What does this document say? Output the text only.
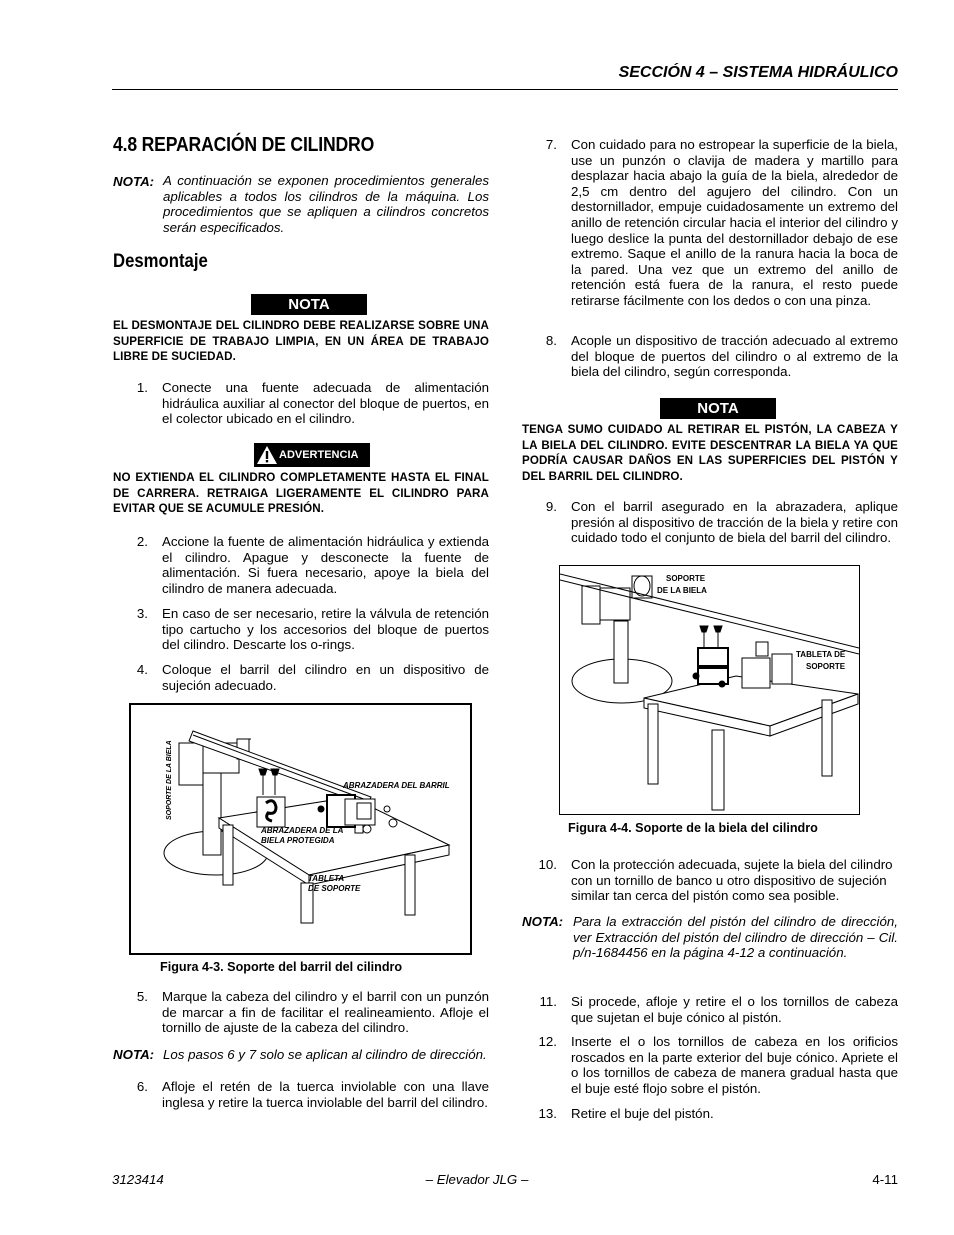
SECCIÓN 4 – SISTEMA HIDRÁULICO
4.8 REPARACIÓN DE CILINDRO
NOTA: A continuación se exponen procedimientos generales aplicables a todos los cilindros de la máquina. Los procedimientos que se apliquen a cilindros concretos serán especificados.
Desmontaje
NOTA
EL DESMONTAJE DEL CILINDRO DEBE REALIZARSE SOBRE UNA SUPERFICIE DE TRABAJO LIMPIA, EN UN ÁREA DE TRABAJO LIBRE DE SUCIEDAD.
1. Conecte una fuente adecuada de alimentación hidráulica auxiliar al conector del bloque de puertos, en el colector ubicado en el cilindro.
ADVERTENCIA
NO EXTIENDA EL CILINDRO COMPLETAMENTE HASTA EL FINAL DE CARRERA. RETRAIGA LIGERAMENTE EL CILINDRO PARA EVITAR QUE SE ACUMULE PRESIÓN.
2. Accione la fuente de alimentación hidráulica y extienda el cilindro. Apague y desconecte la fuente de alimentación. Si fuera necesario, apoye la biela del cilindro de manera adecuada.
3. En caso de ser necesario, retire la válvula de retención tipo cartucho y los accesorios del bloque de puertos del cilindro. Descarte los o-rings.
4. Coloque el barril del cilindro en un dispositivo de sujeción adecuado.
ABRAZADERA DEL BARRIL
ABRAZADERA DE LA
BIELA PROTEGIDA
TABLETA
DE SOPORTE
SOPORTE DE LA BIELA
Figura 4-3. Soporte del barril del cilindro
5. Marque la cabeza del cilindro y el barril con un punzón de marcar a fin de facilitar el realineamiento. Afloje el tornillo de ajuste de la cabeza del cilindro.
NOTA: Los pasos 6 y 7 solo se aplican al cilindro de dirección.
6. Afloje el retén de la tuerca inviolable con una llave inglesa y retire la tuerca inviolable del barril del cilindro.
7. Con cuidado para no estropear la superficie de la biela, use un punzón o clavija de madera y martillo para desplazar hacia abajo la guía de la biela, alrededor de 2,5 cm dentro del agujero del cilindro. Con un destornillador, empuje cuidadosamente un extremo del anillo de retención circular hacia el interior del cilindro y luego deslice la punta del destornillador debajo de ese extremo. Saque el anillo de la ranura hacia la boca de la pared. Una vez que un extremo del anillo de retención está fuera de la ranura, el resto puede retirarse fácilmente con los dedos o con una pinza.
8. Acople un dispositivo de tracción adecuado al extremo del bloque de puertos del cilindro o al extremo de la biela del cilindro, según corresponda.
NOTA
TENGA SUMO CUIDADO AL RETIRAR EL PISTÓN, LA CABEZA Y LA BIELA DEL CILINDRO. EVITE DESCENTRAR LA BIELA YA QUE PODRÍA CAUSAR DAÑOS EN LAS SUPERFICIES DEL PISTÓN Y DEL BARRIL DEL CILINDRO.
9. Con el barril asegurado en la abrazadera, aplique presión al dispositivo de tracción de la biela y retire con cuidado todo el conjunto de biela del barril del cilindro.
SOPORTE
DE LA BIELA
TABLETA DE
SOPORTE
Figura 4-4. Soporte de la biela del cilindro
10. Con la protección adecuada, sujete la biela del cilindro con un tornillo de banco u otro dispositivo de sujeción similar tan cerca del pistón como sea posible.
NOTA: Para la extracción del pistón del cilindro de dirección, ver Extracción del pistón del cilindro de dirección – Cil. p/n-1684456 en la página 4-12 a continuación.
11. Si procede, afloje y retire el o los tornillos de cabeza que sujetan el buje cónico al pistón.
12. Inserte el o los tornillos de cabeza en los orificios roscados en la parte exterior del buje cónico. Apriete el o los tornillos de cabeza de manera gradual hasta que el buje esté flojo sobre el pistón.
13. Retire el buje del pistón.
3123414	– Elevador JLG –	4-11
